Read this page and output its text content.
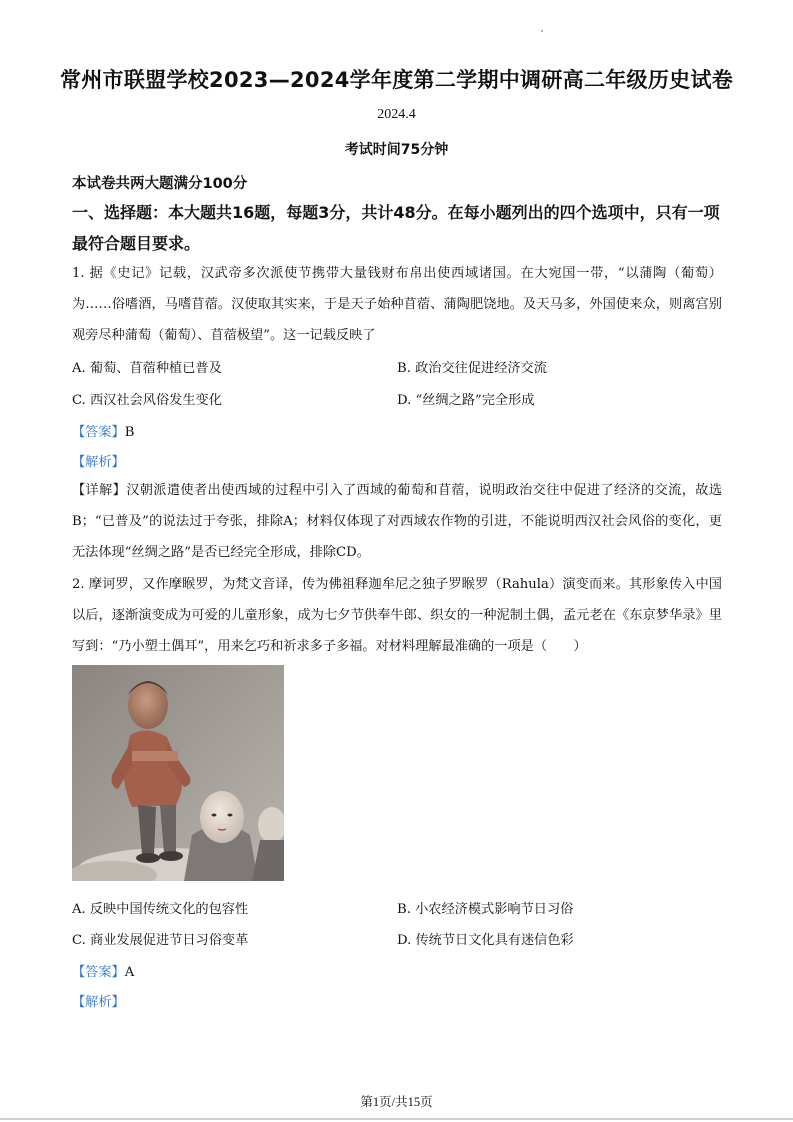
常州市联盟学校2023—2024学年度第二学期中调研高二年级历史试卷
2024.4
考试时间75分钟
本试卷共两大题满分100分
一、选择题：本大题共16题，每题3分，共计48分。在每小题列出的四个选项中，只有一项最符合题目要求。
1. 据《史记》记载，汉武帝多次派使节携带大量钱财布帛出使西域诸国。在大宛国一带，“以蒲陶（葡萄）为……俗嗜酒，马嗜苜蓿。汉使取其实来，于是天子始种苜蓿、蒲陶肥饶地。及天马多，外国使来众，则离宫别观旁尽种蒲萄（葡萄）、苜蓿极望”。这一记载反映了
A. 葡萄、苜蓿种植已普及	B. 政治交往促进经济交流
C. 西汉社会风俗发生变化	D. “丝绸之路”完全形成
【答案】B
【解析】
【详解】汉朝派遣使者出使西域的过程中引入了西域的葡萄和苜蓿，说明政治交往中促进了经济的交流，故选B；“已普及”的说法过于夸张，排除A；材料仅体现了对西域农作物的引进，不能说明西汉社会风俗的变化，更无法体现“丝绸之路”是否已经完全形成，排除CD。
2. 摩诃罗，又作摩睺罗，为梵文音译，传为佛祖释迦牟尼之独子罗睺罗（Rahula）演变而来。其形象传入中国以后，逐渐演变成为可爱的儿童形象，成为七夕节供奉牛郎、织女的一种泥制土偶，孟元老在《东京梦华录》里写到：“乃小塑土偶耳”，用来乞巧和祈求多子多福。对材料理解最准确的一项是（　　）
A. 反映中国传统文化的包容性	B. 小农经济模式影响节日习俗
C. 商业发展促进节日习俗变革	D. 传统节日文化具有迷信色彩
【答案】A
【解析】
第1页/共15页
